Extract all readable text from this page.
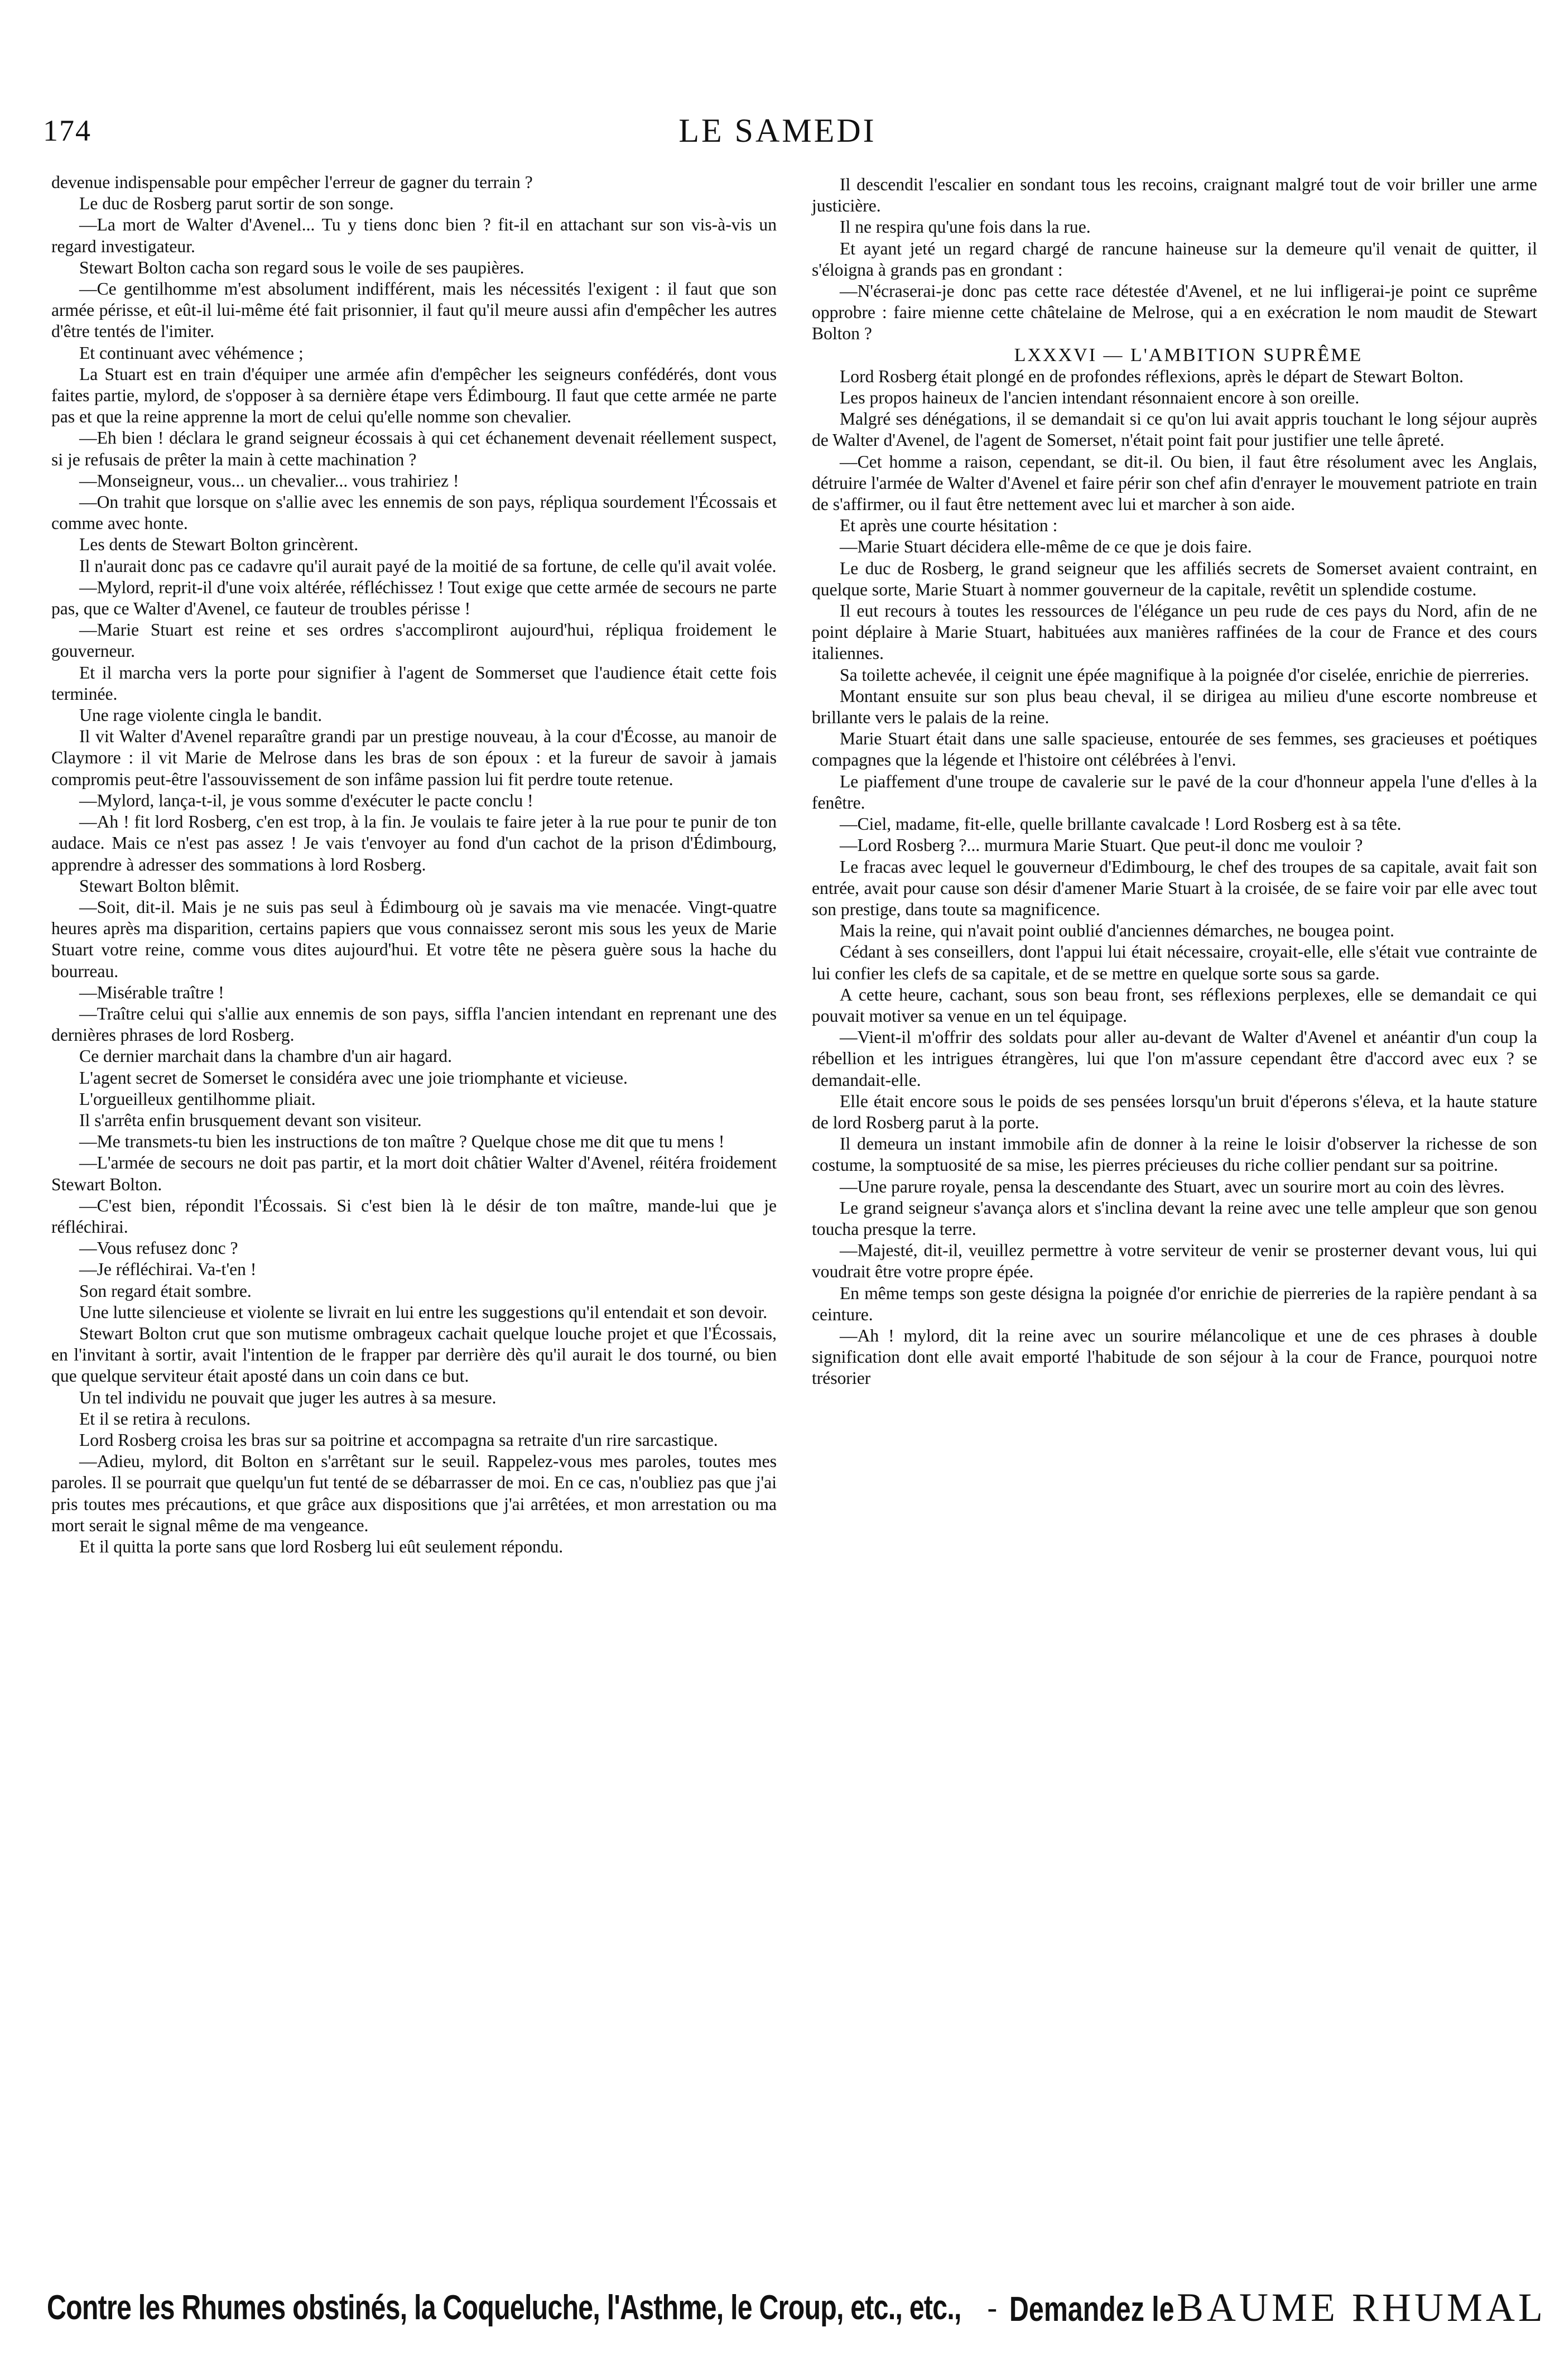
174	LE SAMEDI

devenue indispensable pour empêcher l'erreur de gagner du terrain ?

Le duc de Rosberg parut sortir de son songe.

—La mort de Walter d'Avenel... Tu y tiens donc bien ? fit-il en attachant sur son vis-à-vis un regard investigateur.

Stewart Bolton cacha son regard sous le voile de ses paupières.

—Ce gentilhomme m'est absolument indifférent, mais les nécessités l'exigent : il faut que son armée périsse, et eût-il lui-même été fait prisonnier, il faut qu'il meure aussi afin d'empêcher les autres d'être tentés de l'imiter.

Et continuant avec véhémence ;

La Stuart est en train d'équiper une armée afin d'empêcher les seigneurs confédérés, dont vous faites partie, mylord, de s'opposer à sa dernière étape vers Édimbourg. Il faut que cette armée ne parte pas et que la reine apprenne la mort de celui qu'elle nomme son chevalier.

—Eh bien ! déclara le grand seigneur écossais à qui cet échanement devenait réellement suspect, si je refusais de prêter la main à cette machination ?

—Monseigneur, vous... un chevalier... vous trahiriez !

—On trahit que lorsque on s'allie avec les ennemis de son pays, répliqua sourdement l'Écossais et comme avec honte.

Les dents de Stewart Bolton grincèrent.

Il n'aurait donc pas ce cadavre qu'il aurait payé de la moitié de sa fortune, de celle qu'il avait volée.

—Mylord, reprit-il d'une voix altérée, réfléchissez ! Tout exige que cette armée de secours ne parte pas, que ce Walter d'Avenel, ce fauteur de troubles périsse !

—Marie Stuart est reine et ses ordres s'accompliront aujourd'hui, répliqua froidement le gouverneur.

Et il marcha vers la porte pour signifier à l'agent de Sommerset que l'audience était cette fois terminée.

Une rage violente cingla le bandit.

Il vit Walter d'Avenel reparaître grandi par un prestige nouveau, à la cour d'Écosse, au manoir de Claymore : il vit Marie de Melrose dans les bras de son époux : et la fureur de savoir à jamais compromis peut-être l'assouvissement de son infâme passion lui fit perdre toute retenue.

—Mylord, lança-t-il, je vous somme d'exécuter le pacte conclu !

—Ah ! fit lord Rosberg, c'en est trop, à la fin. Je voulais te faire jeter à la rue pour te punir de ton audace. Mais ce n'est pas assez ! Je vais t'envoyer au fond d'un cachot de la prison d'Édimbourg, apprendre à adresser des sommations à lord Rosberg.

Stewart Bolton blêmit.

—Soit, dit-il. Mais je ne suis pas seul à Édimbourg où je savais ma vie menacée. Vingt-quatre heures après ma disparition, certains papiers que vous connaissez seront mis sous les yeux de Marie Stuart votre reine, comme vous dites aujourd'hui. Et votre tête ne pèsera guère sous la hache du bourreau.

—Misérable traître !

—Traître celui qui s'allie aux ennemis de son pays, siffla l'ancien intendant en reprenant une des dernières phrases de lord Rosberg.

Ce dernier marchait dans la chambre d'un air hagard.

L'agent secret de Somerset le considéra avec une joie triomphante et vicieuse.

L'orgueilleux gentilhomme pliait.

Il s'arrêta enfin brusquement devant son visiteur.

—Me transmets-tu bien les instructions de ton maître ? Quelque chose me dit que tu mens !

—L'armée de secours ne doit pas partir, et la mort doit châtier Walter d'Avenel, réitéra froidement Stewart Bolton.

—C'est bien, répondit l'Écossais. Si c'est bien là le désir de ton maître, mande-lui que je réfléchirai.

—Vous refusez donc ?

—Je réfléchirai. Va-t'en !

Son regard était sombre.

Une lutte silencieuse et violente se livrait en lui entre les suggestions qu'il entendait et son devoir.

Stewart Bolton crut que son mutisme ombrageux cachait quelque louche projet et que l'Écossais, en l'invitant à sortir, avait l'intention de le frapper par derrière dès qu'il aurait le dos tourné, ou bien que quelque serviteur était aposté dans un coin dans ce but.

Un tel individu ne pouvait que juger les autres à sa mesure.

Et il se retira à reculons.

Lord Rosberg croisa les bras sur sa poitrine et accompagna sa retraite d'un rire sarcastique.

—Adieu, mylord, dit Bolton en s'arrêtant sur le seuil. Rappelez-vous mes paroles, toutes mes paroles. Il se pourrait que quelqu'un fut tenté de se débarrasser de moi. En ce cas, n'oubliez pas que j'ai pris toutes mes précautions, et que grâce aux dispositions que j'ai arrêtées, et mon arrestation ou ma mort serait le signal même de ma vengeance.

Et il quitta la porte sans que lord Rosberg lui eût seulement répondu.

Il descendit l'escalier en sondant tous les recoins, craignant malgré tout de voir briller une arme justicière.

Il ne respira qu'une fois dans la rue.

Et ayant jeté un regard chargé de rancune haineuse sur la demeure qu'il venait de quitter, il s'éloigna à grands pas en grondant :

—N'écraserai-je donc pas cette race détestée d'Avenel, et ne lui infligerai-je point ce suprême opprobre : faire mienne cette châtelaine de Melrose, qui a en exécration le nom maudit de Stewart Bolton ?

LXXXVI — L'AMBITION SUPRÊME

Lord Rosberg était plongé en de profondes réflexions, après le départ de Stewart Bolton.

Les propos haineux de l'ancien intendant résonnaient encore à son oreille.

Malgré ses dénégations, il se demandait si ce qu'on lui avait appris touchant le long séjour auprès de Walter d'Avenel, de l'agent de Somerset, n'était point fait pour justifier une telle âpreté.

—Cet homme a raison, cependant, se dit-il. Ou bien, il faut être résolument avec les Anglais, détruire l'armée de Walter d'Avenel et faire périr son chef afin d'enrayer le mouvement patriote en train de s'affirmer, ou il faut être nettement avec lui et marcher à son aide.

Et après une courte hésitation :

—Marie Stuart décidera elle-même de ce que je dois faire.

Le duc de Rosberg, le grand seigneur que les affiliés secrets de Somerset avaient contraint, en quelque sorte, Marie Stuart à nommer gouverneur de la capitale, revêtit un splendide costume.

Il eut recours à toutes les ressources de l'élégance un peu rude de ces pays du Nord, afin de ne point déplaire à Marie Stuart, habituées aux manières raffinées de la cour de France et des cours italiennes.

Sa toilette achevée, il ceignit une épée magnifique à la poignée d'or ciselée, enrichie de pierreries.

Montant ensuite sur son plus beau cheval, il se dirigea au milieu d'une escorte nombreuse et brillante vers le palais de la reine.

Marie Stuart était dans une salle spacieuse, entourée de ses femmes, ses gracieuses et poétiques compagnes que la légende et l'histoire ont célébrées à l'envi.

Le piaffement d'une troupe de cavalerie sur le pavé de la cour d'honneur appela l'une d'elles à la fenêtre.

—Ciel, madame, fit-elle, quelle brillante cavalcade ! Lord Rosberg est à sa tête.

—Lord Rosberg ?... murmura Marie Stuart. Que peut-il donc me vouloir ?

Le fracas avec lequel le gouverneur d'Edimbourg, le chef des troupes de sa capitale, avait fait son entrée, avait pour cause son désir d'amener Marie Stuart à la croisée, de se faire voir par elle avec tout son prestige, dans toute sa magnificence.

Mais la reine, qui n'avait point oublié d'anciennes démarches, ne bougea point.

Cédant à ses conseillers, dont l'appui lui était nécessaire, croyait-elle, elle s'était vue contrainte de lui confier les clefs de sa capitale, et de se mettre en quelque sorte sous sa garde.

A cette heure, cachant, sous son beau front, ses réflexions perplexes, elle se demandait ce qui pouvait motiver sa venue en un tel équipage.

—Vient-il m'offrir des soldats pour aller au-devant de Walter d'Avenel et anéantir d'un coup la rébellion et les intrigues étrangères, lui que l'on m'assure cependant être d'accord avec eux ? se demandait-elle.

Elle était encore sous le poids de ses pensées lorsqu'un bruit d'éperons s'éleva, et la haute stature de lord Rosberg parut à la porte.

Il demeura un instant immobile afin de donner à la reine le loisir d'observer la richesse de son costume, la somptuosité de sa mise, les pierres précieuses du riche collier pendant sur sa poitrine.

—Une parure royale, pensa la descendante des Stuart, avec un sourire mort au coin des lèvres.

Le grand seigneur s'avança alors et s'inclina devant la reine avec une telle ampleur que son genou toucha presque la terre.

—Majesté, dit-il, veuillez permettre à votre serviteur de venir se prosterner devant vous, lui qui voudrait être votre propre épée.

En même temps son geste désigna la poignée d'or enrichie de pierreries de la rapière pendant à sa ceinture.

—Ah ! mylord, dit la reine avec un sourire mélancolique et une de ces phrases à double signification dont elle avait emporté l'habitude de son séjour à la cour de France, pourquoi notre trésorier

Contre les Rhumes obstinés, la Coqueluche, l'Asthme, le Croup, etc., etc., - Demandez le BAUME RHUMAL
